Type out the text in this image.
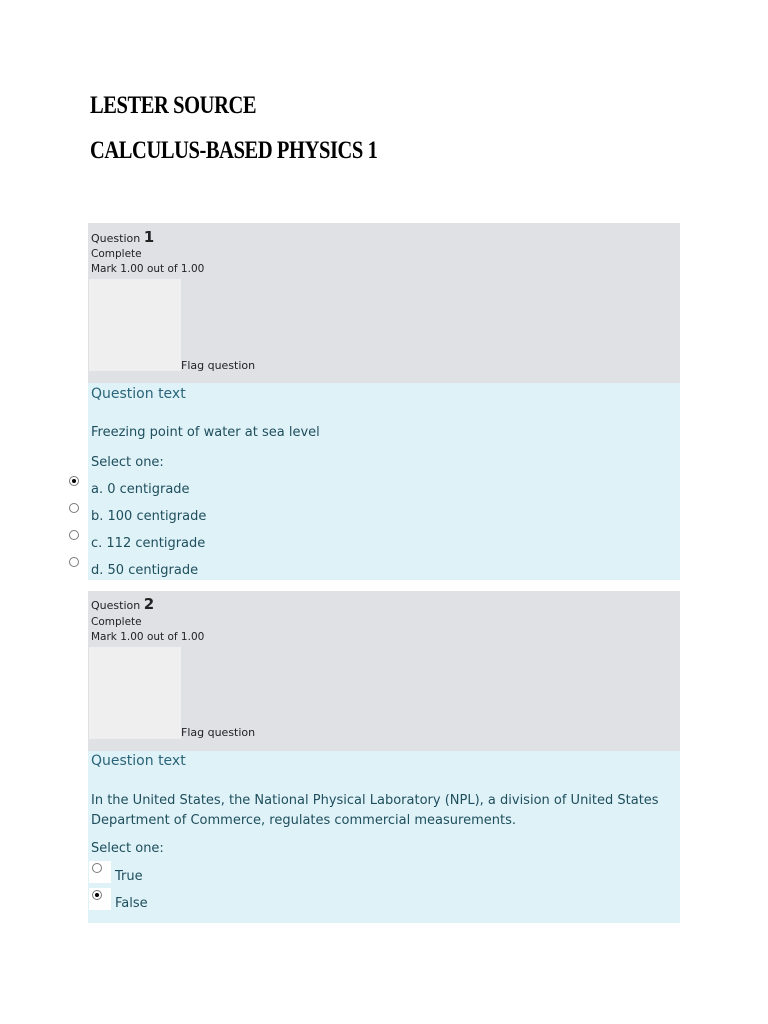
LESTER SOURCE
CALCULUS-BASED PHYSICS 1
Question 1
Complete
Mark 1.00 out of 1.00
Flag question
Question text
Freezing point of water at sea level
Select one:
a. 0 centigrade
b. 100 centigrade
c. 112 centigrade
d. 50 centigrade
Question 2
Complete
Mark 1.00 out of 1.00
Flag question
Question text
In the United States, the National Physical Laboratory (NPL), a division of United States Department of Commerce, regulates commercial measurements.
Select one:
True
False
